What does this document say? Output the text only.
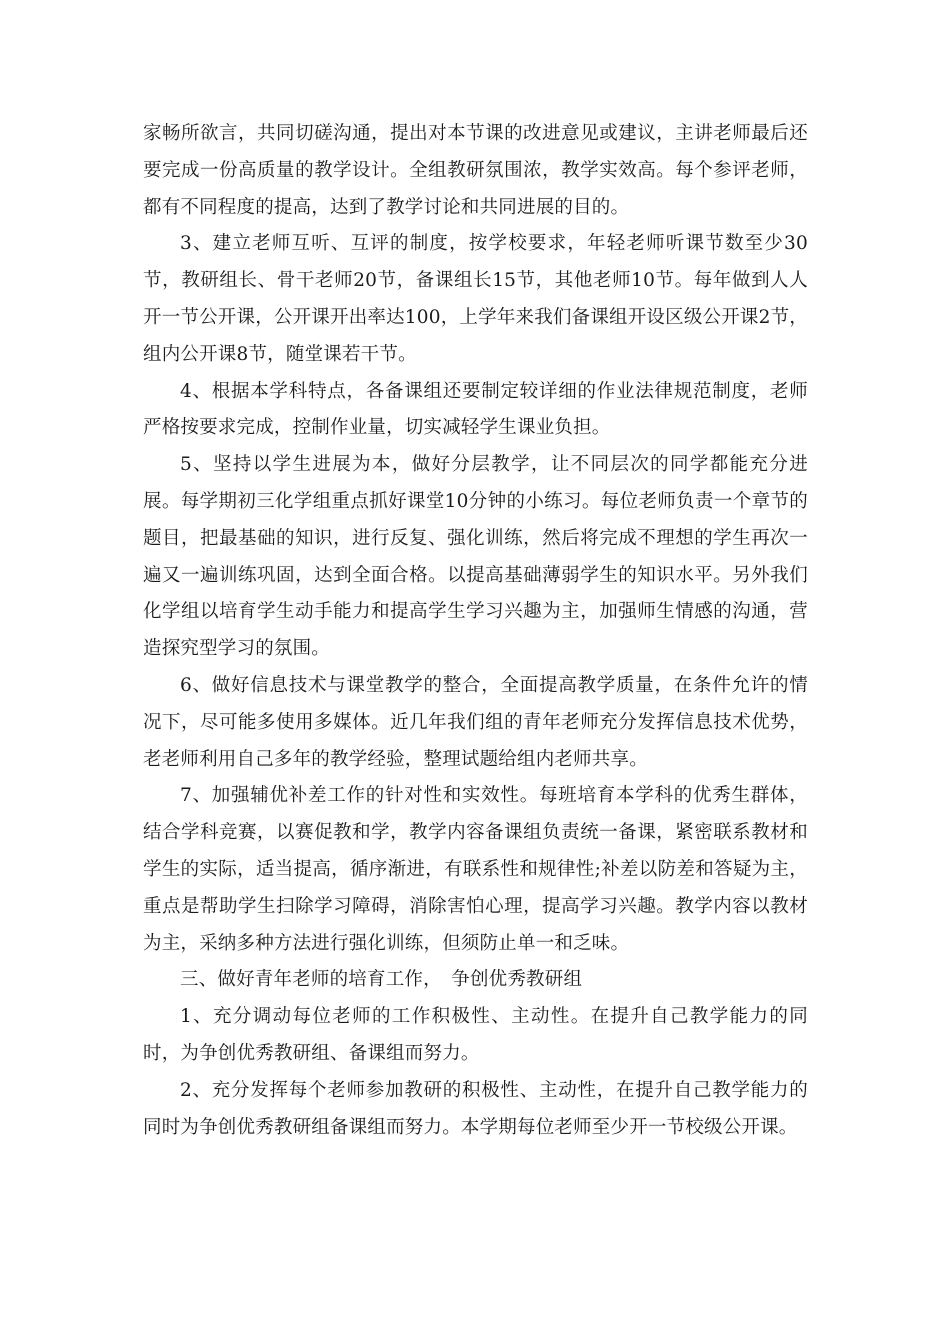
家畅所欲言，共同切磋沟通，提出对本节课的改进意见或建议，主讲老师最后还要完成一份高质量的教学设计。全组教研氛围浓，教学实效高。每个参评老师，都有不同程度的提高，达到了教学讨论和共同进展的目的。

3、建立老师互听、互评的制度，按学校要求，年轻老师听课节数至少30节，教研组长、骨干老师20节，备课组长15节，其他老师10节。每年做到人人开一节公开课，公开课开出率达100，上学年来我们备课组开设区级公开课2节，组内公开课8节，随堂课若干节。

4、根据本学科特点，各备课组还要制定较详细的作业法律规范制度，老师严格按要求完成，控制作业量，切实减轻学生课业负担。

5、坚持以学生进展为本，做好分层教学，让不同层次的同学都能充分进展。每学期初三化学组重点抓好课堂10分钟的小练习。每位老师负责一个章节的题目，把最基础的知识，进行反复、强化训练，然后将完成不理想的学生再次一遍又一遍训练巩固，达到全面合格。以提高基础薄弱学生的知识水平。另外我们化学组以培育学生动手能力和提高学生学习兴趣为主，加强师生情感的沟通，营造探究型学习的氛围。

6、做好信息技术与课堂教学的整合，全面提高教学质量，在条件允许的情况下，尽可能多使用多媒体。近几年我们组的青年老师充分发挥信息技术优势，老老师利用自己多年的教学经验，整理试题给组内老师共享。

7、加强辅优补差工作的针对性和实效性。每班培育本学科的优秀生群体，结合学科竞赛，以赛促教和学，教学内容备课组负责统一备课，紧密联系教材和学生的实际，适当提高，循序渐进，有联系性和规律性;补差以防差和答疑为主，重点是帮助学生扫除学习障碍，消除害怕心理，提高学习兴趣。教学内容以教材为主，采纳多种方法进行强化训练，但须防止单一和乏味。

三、做好青年老师的培育工作，　争创优秀教研组

1、充分调动每位老师的工作积极性、主动性。在提升自己教学能力的同时，为争创优秀教研组、备课组而努力。

2、充分发挥每个老师参加教研的积极性、主动性，在提升自己教学能力的同时为争创优秀教研组备课组而努力。本学期每位老师至少开一节校级公开课。
